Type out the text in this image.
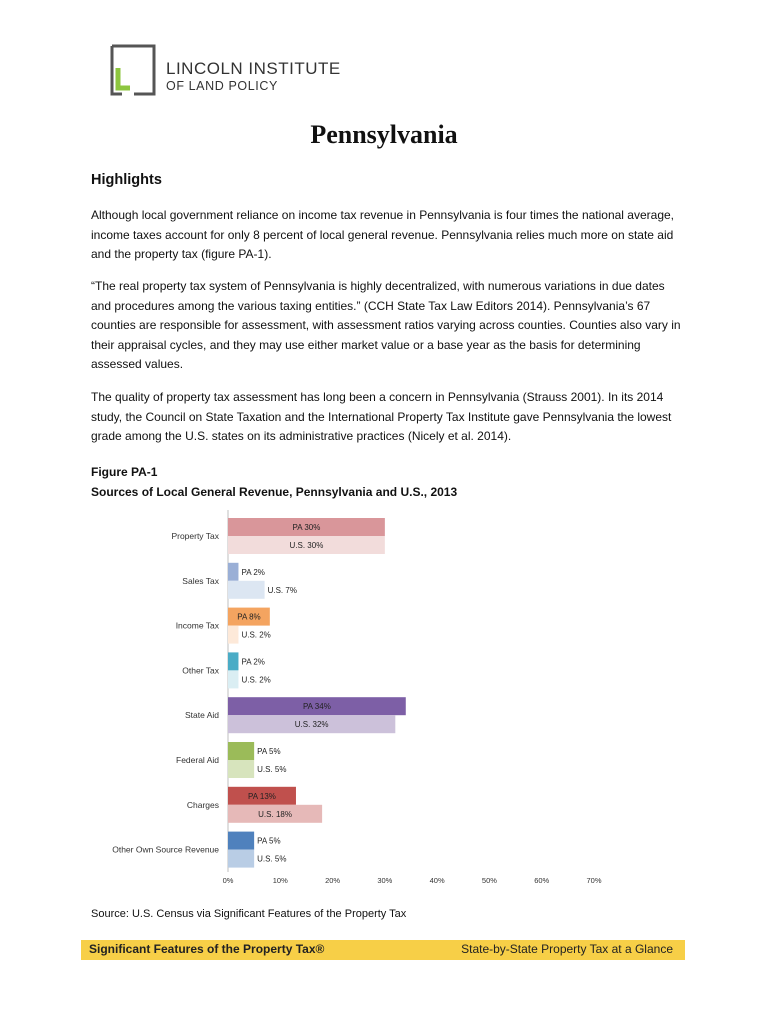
LINCOLN INSTITUTE
OF LAND POLICY
Pennsylvania
Highlights

Although local government reliance on income tax revenue in Pennsylvania is four times the national average, income taxes account for only 8 percent of local general revenue. Pennsylvania relies much more on state aid and the property tax (figure PA-1).

“The real property tax system of Pennsylvania is highly decentralized, with numerous variations in due dates and procedures among the various taxing entities.” (CCH State Tax Law Editors 2014). Pennsylvania’s 67 counties are responsible for assessment, with assessment ratios varying across counties. Counties also vary in their appraisal cycles, and they may use either market value or a base year as the basis for determining assessed values.

The quality of property tax assessment has long been a concern in Pennsylvania (Strauss 2001). In its 2014 study, the Council on State Taxation and the International Property Tax Institute gave Pennsylvania the lowest grade among the U.S. states on its administrative practices (Nicely et al. 2014).

Figure PA-1
Sources of Local General Revenue, Pennsylvania and U.S., 2013
Property Tax
PA 30%
U.S. 30%
Sales Tax
PA 2%
U.S. 7%
Income Tax
PA 8%
U.S. 2%
Other Tax
PA 2%
U.S. 2%
State Aid
PA 34%
U.S. 32%
Federal Aid
PA 5%
U.S. 5%
Charges
PA 13%
U.S. 18%
Other Own Source Revenue
PA 5%
U.S. 5%
0%	10%	20%	30%	40%	50%	60%	70%
Source: U.S. Census via Significant Features of the Property Tax
Significant Features of the Property Tax®	State-by-State Property Tax at a Glance
